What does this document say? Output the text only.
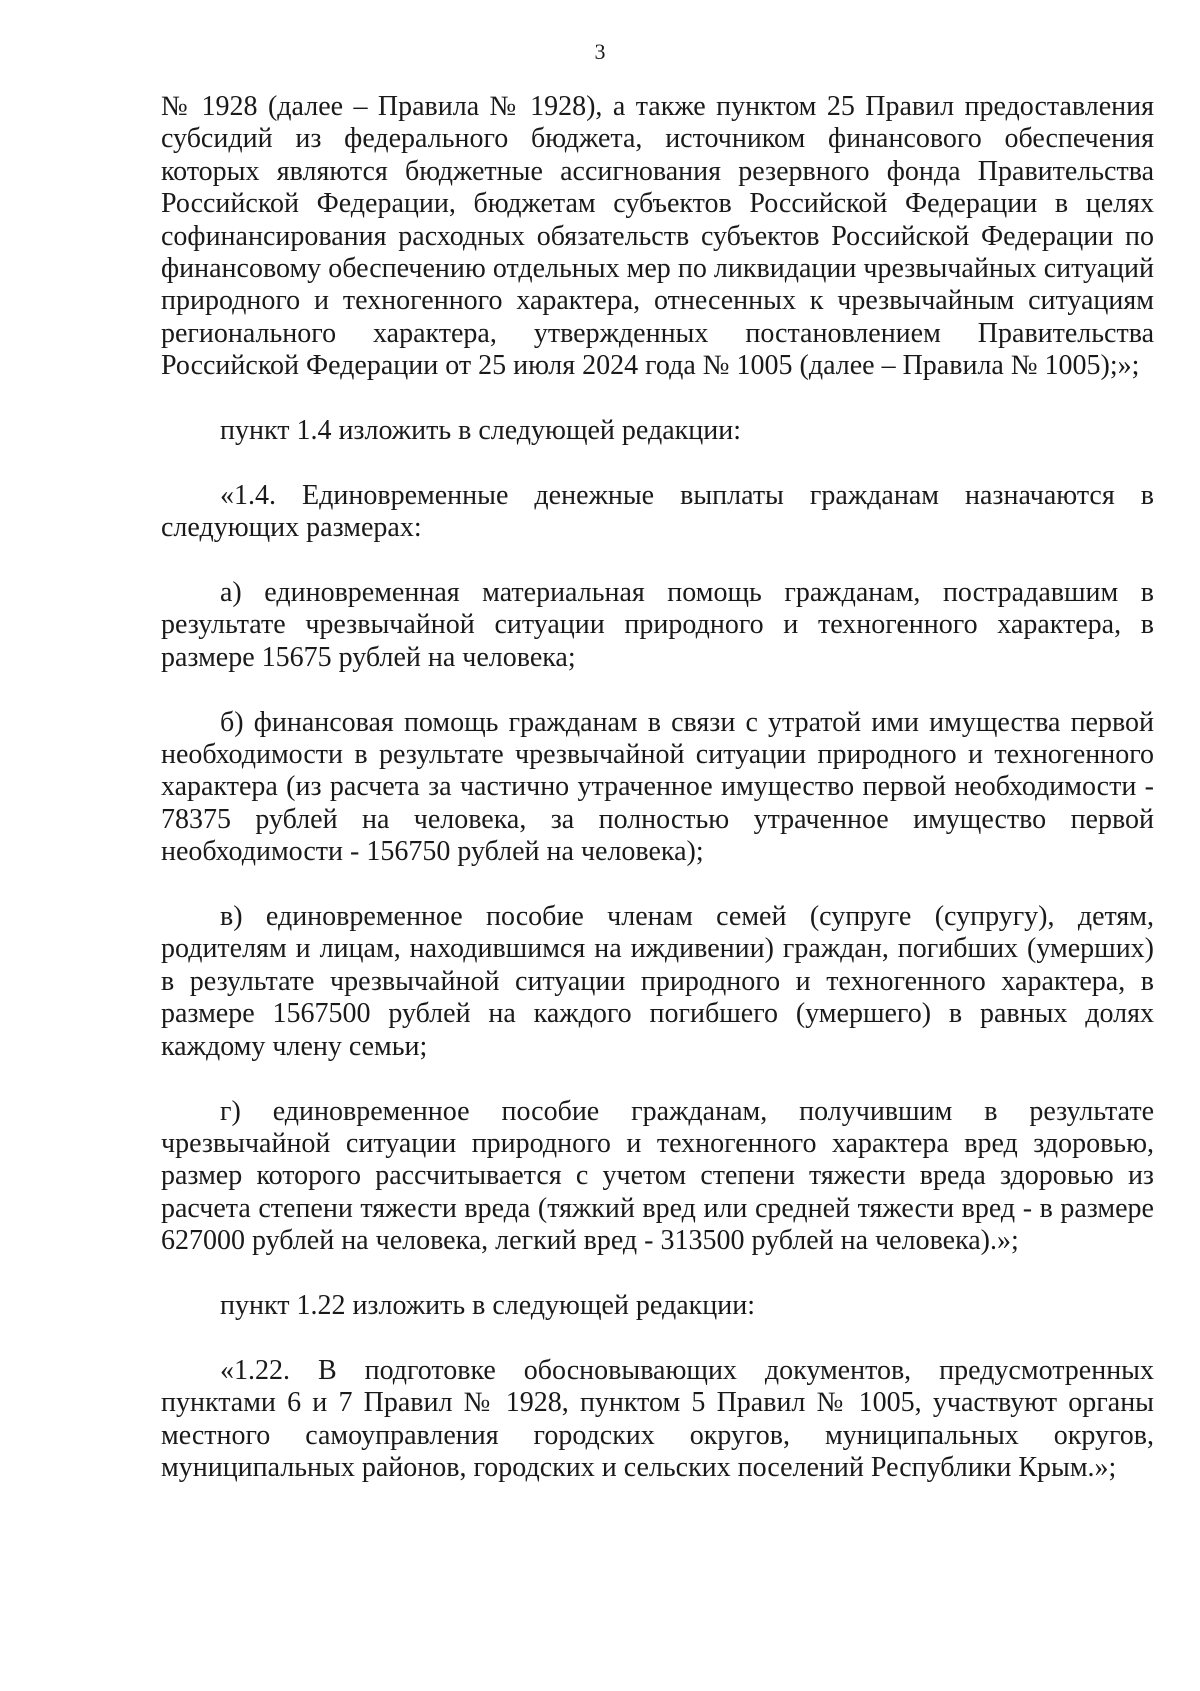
3

№ 1928 (далее – Правила № 1928), а также пунктом 25 Правил предоставления субсидий из федерального бюджета, источником финансового обеспечения которых являются бюджетные ассигнования резервного фонда Правительства Российской Федерации, бюджетам субъектов Российской Федерации в целях софинансирования расходных обязательств субъектов Российской Федерации по финансовому обеспечению отдельных мер по ликвидации чрезвычайных ситуаций природного и техногенного характера, отнесенных к чрезвычайным ситуациям регионального характера, утвержденных постановлением Правительства Российской Федерации от 25 июля 2024 года № 1005 (далее – Правила № 1005);»;

пункт 1.4 изложить в следующей редакции:

«1.4. Единовременные денежные выплаты гражданам назначаются в следующих размерах:

а) единовременная материальная помощь гражданам, пострадавшим в результате чрезвычайной ситуации природного и техногенного характера, в размере 15675 рублей на человека;

б) финансовая помощь гражданам в связи с утратой ими имущества первой необходимости в результате чрезвычайной ситуации природного и техногенного характера (из расчета за частично утраченное имущество первой необходимости - 78375 рублей на человека, за полностью утраченное имущество первой необходимости - 156750 рублей на человека);

в) единовременное пособие членам семей (супруге (супругу), детям, родителям и лицам, находившимся на иждивении) граждан, погибших (умерших) в результате чрезвычайной ситуации природного и техногенного характера, в размере 1567500 рублей на каждого погибшего (умершего) в равных долях каждому члену семьи;

г) единовременное пособие гражданам, получившим в результате чрезвычайной ситуации природного и техногенного характера вред здоровью, размер которого рассчитывается с учетом степени тяжести вреда здоровью из расчета степени тяжести вреда (тяжкий вред или средней тяжести вред - в размере 627000 рублей на человека, легкий вред - 313500 рублей на человека).»;

пункт 1.22 изложить в следующей редакции:

«1.22. В подготовке обосновывающих документов, предусмотренных пунктами 6 и 7 Правил № 1928, пунктом 5 Правил № 1005, участвуют органы местного самоуправления городских округов, муниципальных округов, муниципальных районов, городских и сельских поселений Республики Крым.»;
